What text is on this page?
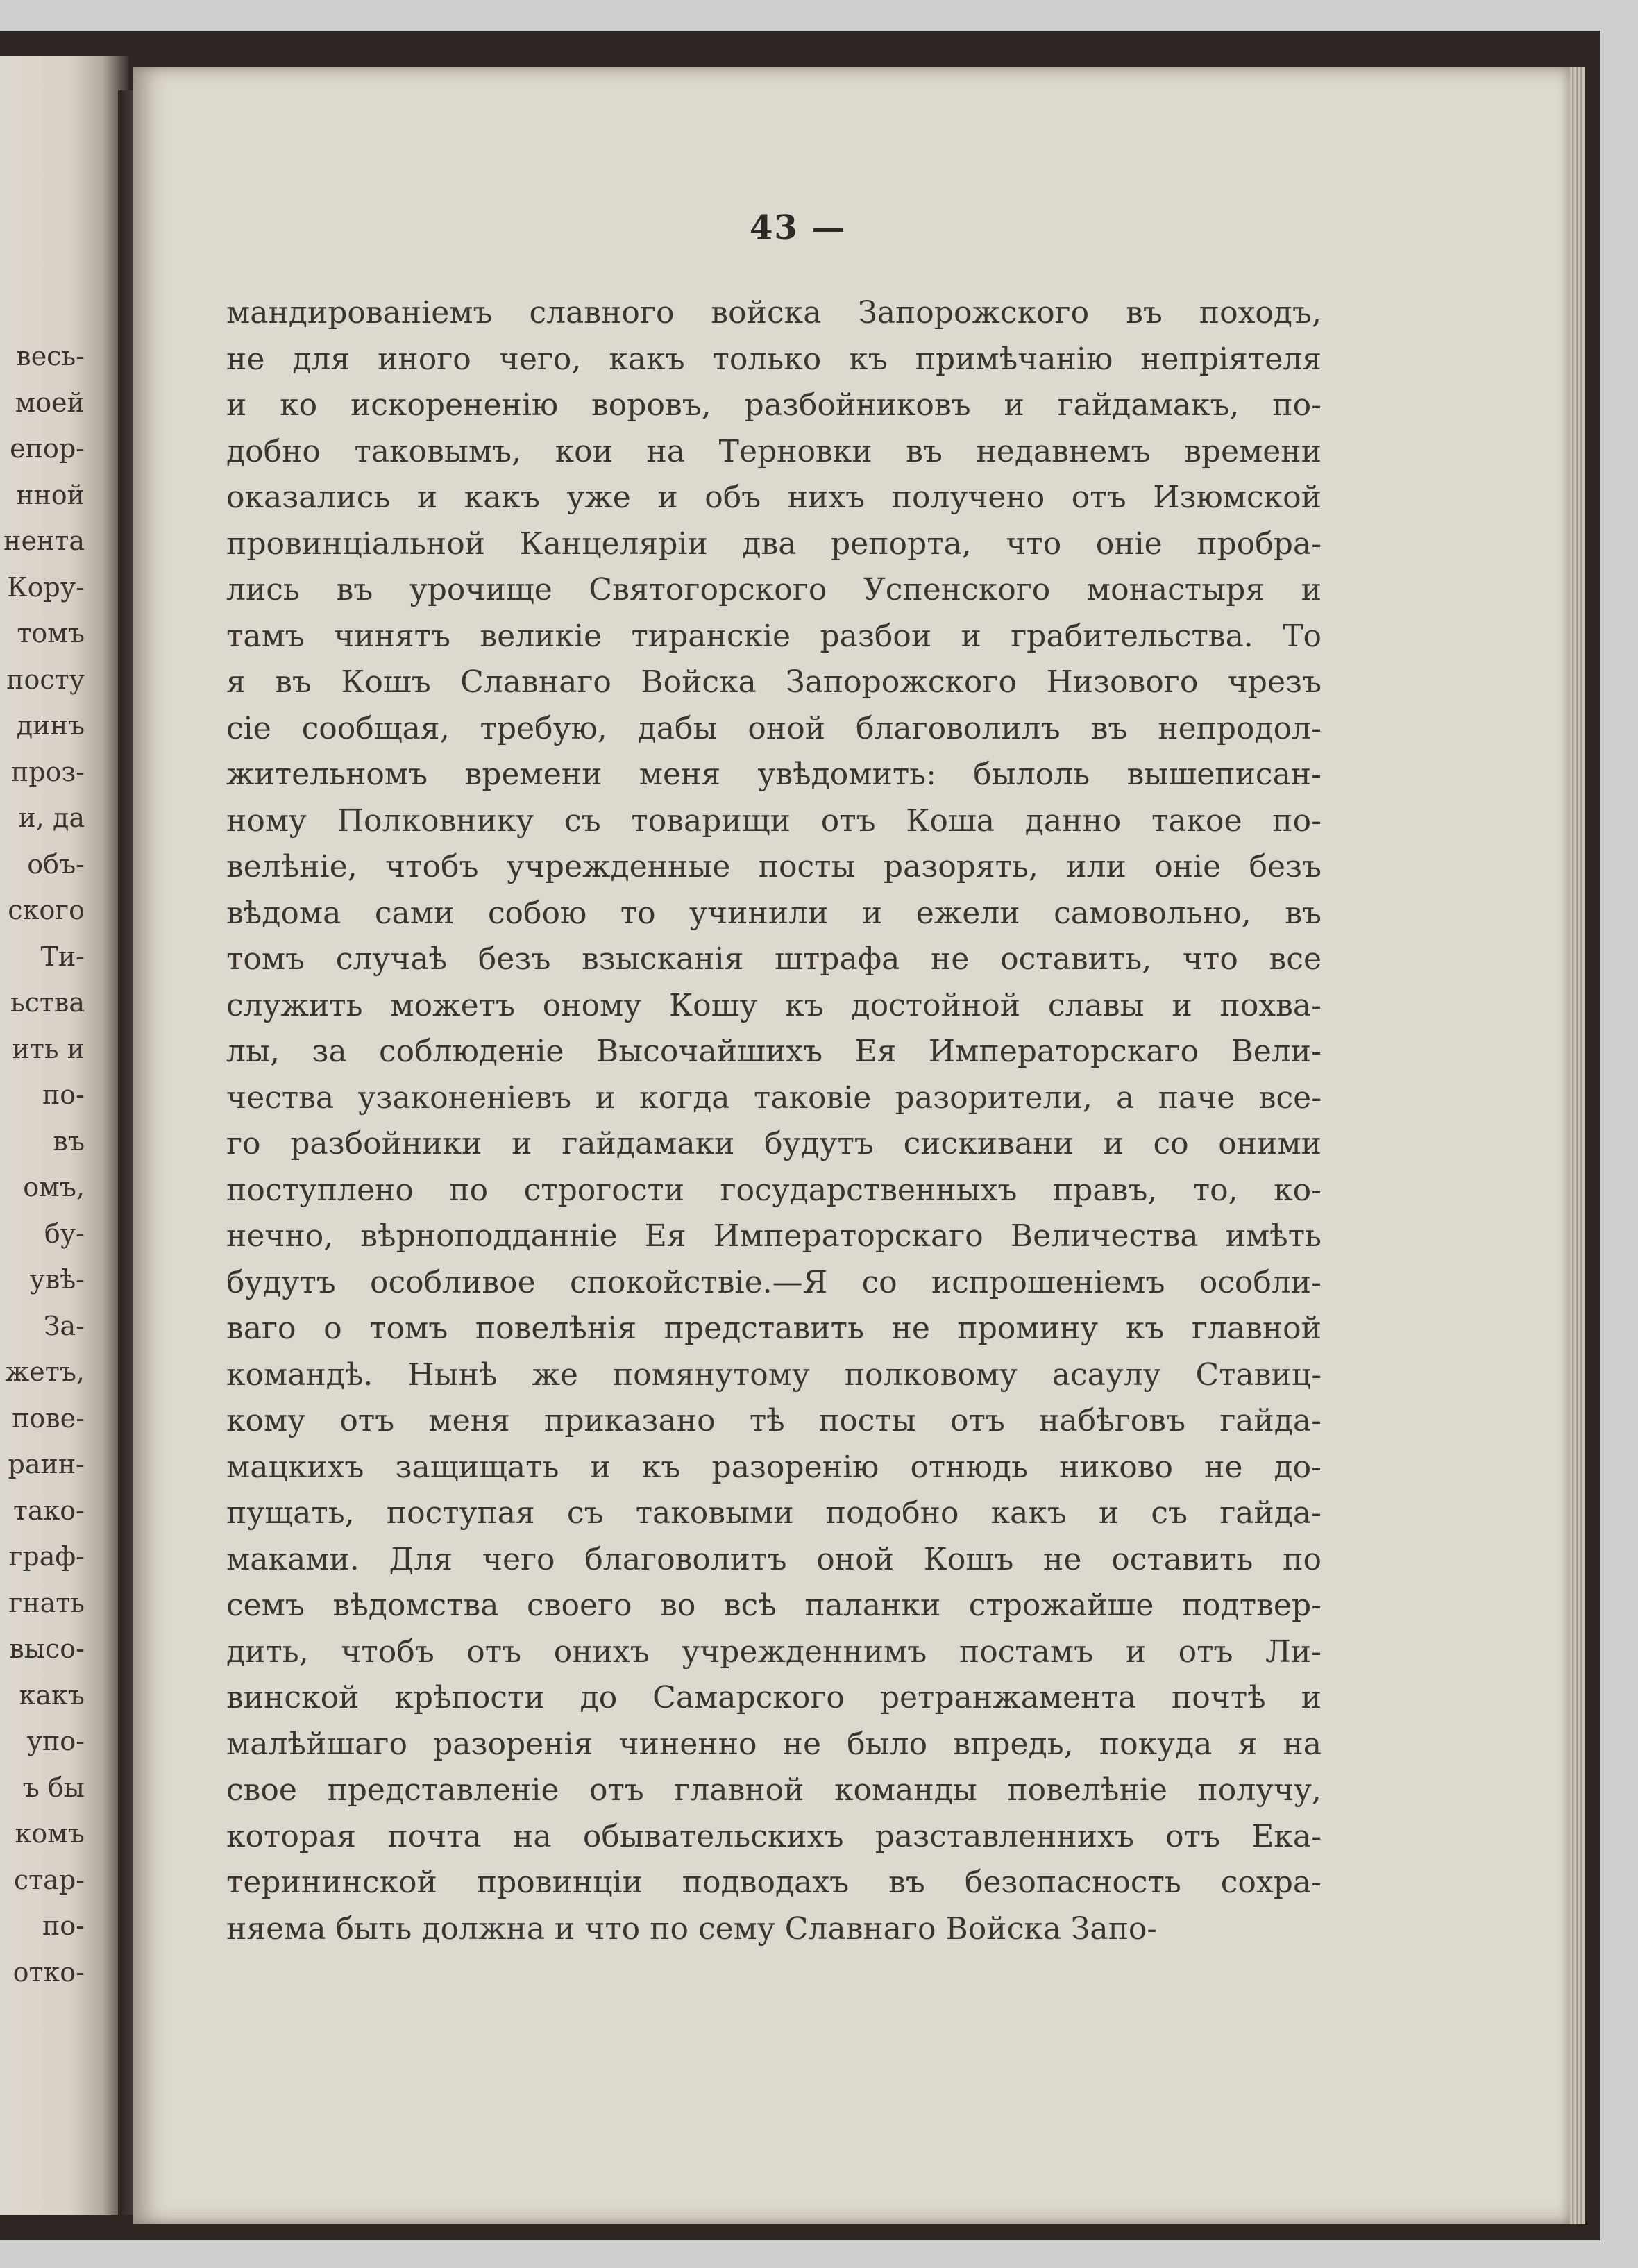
весь-
моей
епор-
нной
нента
Кору-
томъ
посту
динъ
проз-
и, да
объ-
ского
Ти-
ьства
ить и
по-
въ
омъ,
бу-
увѣ-
За-
жетъ,
пове-
раин-
тако-
граф-
гнать
высо-
какъ
упо-
ъ бы
комъ
стар-
по-
отко-
43 —
мандированіемъ славного войска Запорожского въ походъ,
не для иного чего, какъ только къ примѣчанію непріятеля
и ко искорененію воровъ, разбойниковъ и гайдамакъ, по-
добно таковымъ, кои на Терновки въ недавнемъ времени
оказались и какъ уже и объ нихъ получено отъ Изюмской
провинціальной Канцеляріи два репорта, что оніе пробра-
лись въ урочище Святогорского Успенского монастыря и
тамъ чинятъ великіе тиранскіе разбои и грабительства. То
я въ Кошъ Славнаго Войска Запорожского Низового чрезъ
сіе сообщая, требую, дабы оной благоволилъ въ непродол-
жительномъ времени меня увѣдомить: былоль вышеписан-
ному Полковнику съ товарищи отъ Коша данно такое по-
велѣніе, чтобъ учрежденные посты разорять, или оніе безъ
вѣдома сами собою то учинили и ежели самовольно, въ
томъ случаѣ безъ взысканія штрафа не оставить, что все
служить можетъ оному Кошу къ достойной славы и похва-
лы, за соблюденіе Высочайшихъ Ея Императорскаго Вели-
чества узаконеніевъ и когда таковіе разорители, а паче все-
го разбойники и гайдамаки будутъ сискивани и со оними
поступлено по строгости государственныхъ правъ, то, ко-
нечно, вѣрноподданніе Ея Императорскаго Величества имѣть
будутъ особливое спокойствіе.—Я со испрошеніемъ особли-
ваго о томъ повелѣнія представить не промину къ главной
командѣ. Нынѣ же помянутому полковому асаулу Ставиц-
кому отъ меня приказано тѣ посты отъ набѣговъ гайда-
мацкихъ защищать и къ разоренію отнюдь никово не до-
пущать, поступая съ таковыми подобно какъ и съ гайда-
маками. Для чего благоволитъ оной Кошъ не оставить по
семъ вѣдомства своего во всѣ паланки строжайше подтвер-
дить, чтобъ отъ онихъ учрежденнимъ постамъ и отъ Ли-
винской крѣпости до Самарского ретранжамента почтѣ и
малѣйшаго разоренія чиненно не было впредь, покуда я на
свое представленіе отъ главной команды повелѣніе получу,
которая почта на обывательскихъ разставленнихъ отъ Ека-
терининской провинціи подводахъ въ безопасность сохра-
няема быть должна и что по сему Славнаго Войска Запо-
